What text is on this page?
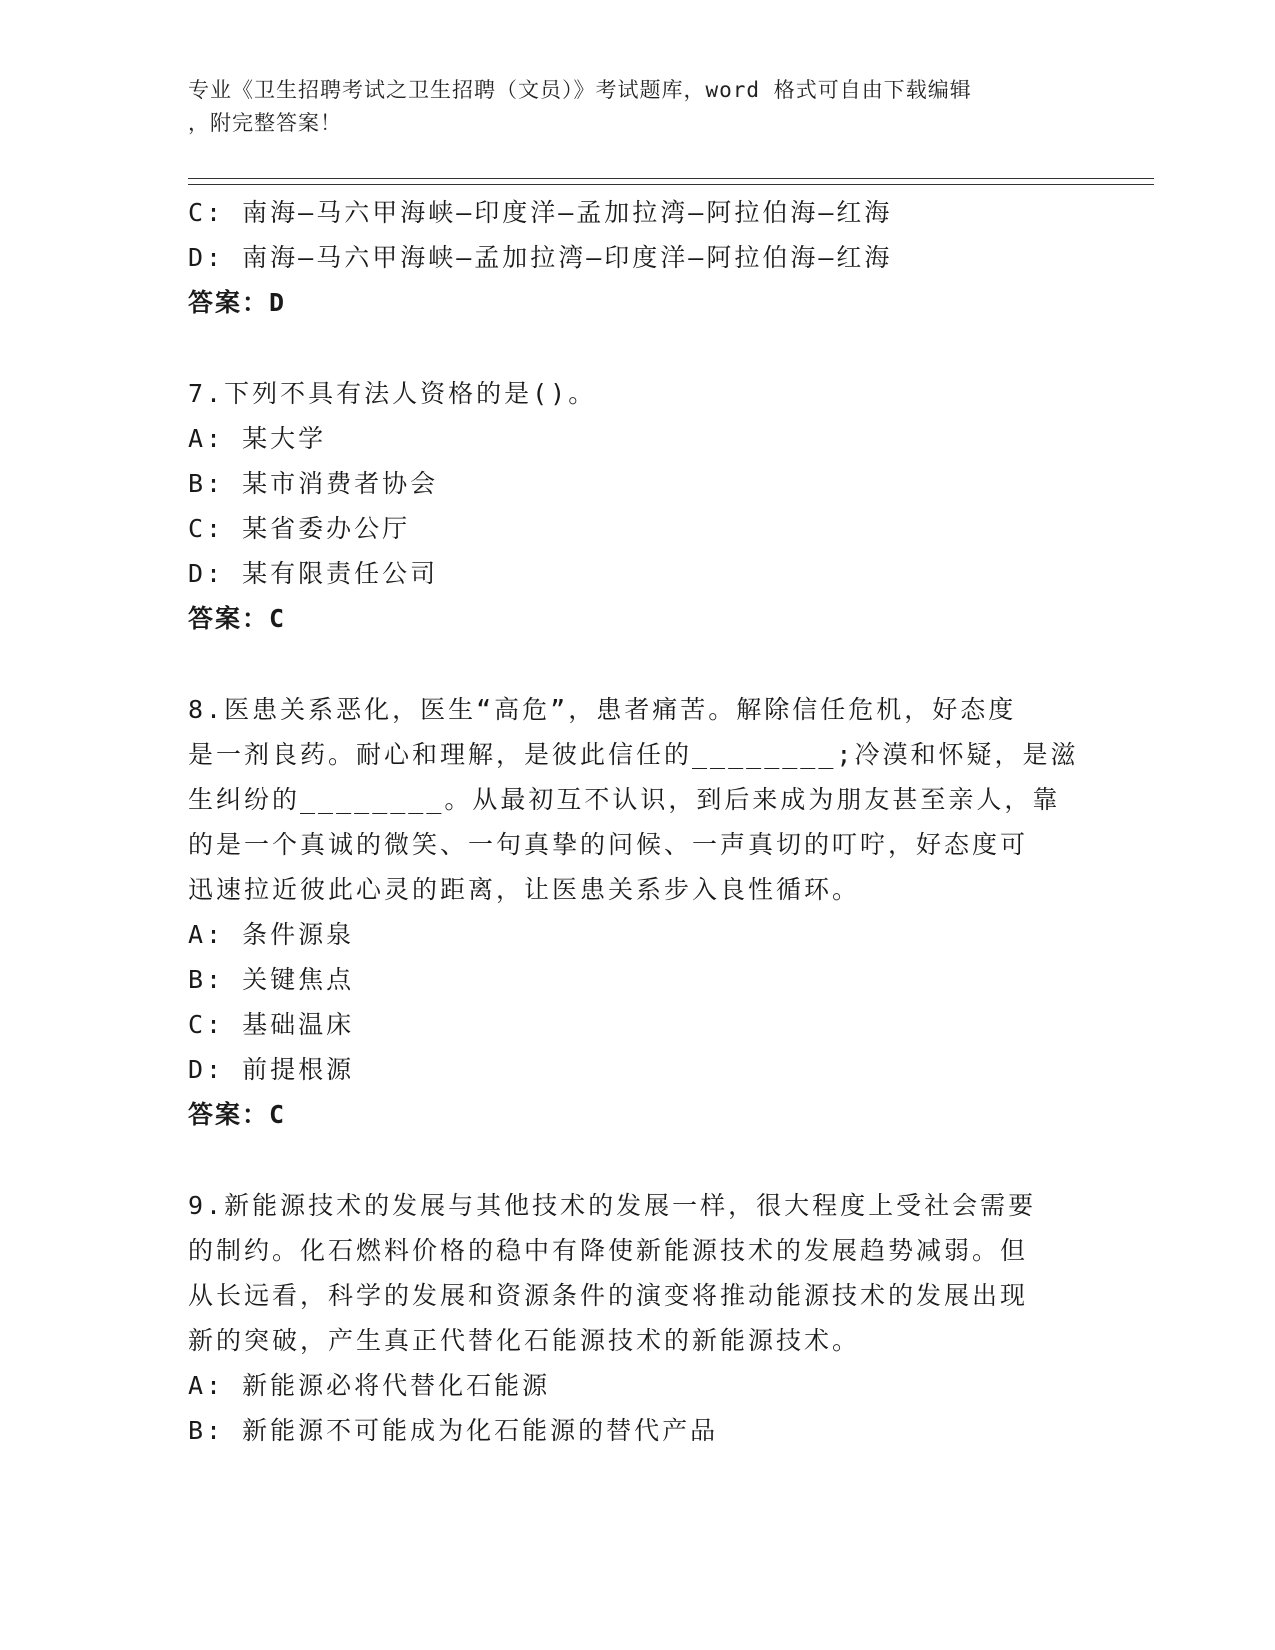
专业《卫生招聘考试之卫生招聘（文员）》考试题库，word 格式可自由下载编辑
，附完整答案！
C: 南海—马六甲海峡—印度洋—孟加拉湾—阿拉伯海—红海
D: 南海—马六甲海峡—孟加拉湾—印度洋—阿拉伯海—红海
答案：D
7.下列不具有法人资格的是()。
A: 某大学
B: 某市消费者协会
C: 某省委办公厅
D: 某有限责任公司
答案：C
8.医患关系恶化，医生“高危”，患者痛苦。解除信任危机，好态度
是一剂良药。耐心和理解，是彼此信任的________;冷漠和怀疑，是滋
生纠纷的________。从最初互不认识，到后来成为朋友甚至亲人，靠
的是一个真诚的微笑、一句真挚的问候、一声真切的叮咛，好态度可
迅速拉近彼此心灵的距离，让医患关系步入良性循环。
A: 条件源泉
B: 关键焦点
C: 基础温床
D: 前提根源
答案：C
9.新能源技术的发展与其他技术的发展一样，很大程度上受社会需要
的制约。化石燃料价格的稳中有降使新能源技术的发展趋势减弱。但
从长远看，科学的发展和资源条件的演变将推动能源技术的发展出现
新的突破，产生真正代替化石能源技术的新能源技术。
A: 新能源必将代替化石能源
B: 新能源不可能成为化石能源的替代产品
